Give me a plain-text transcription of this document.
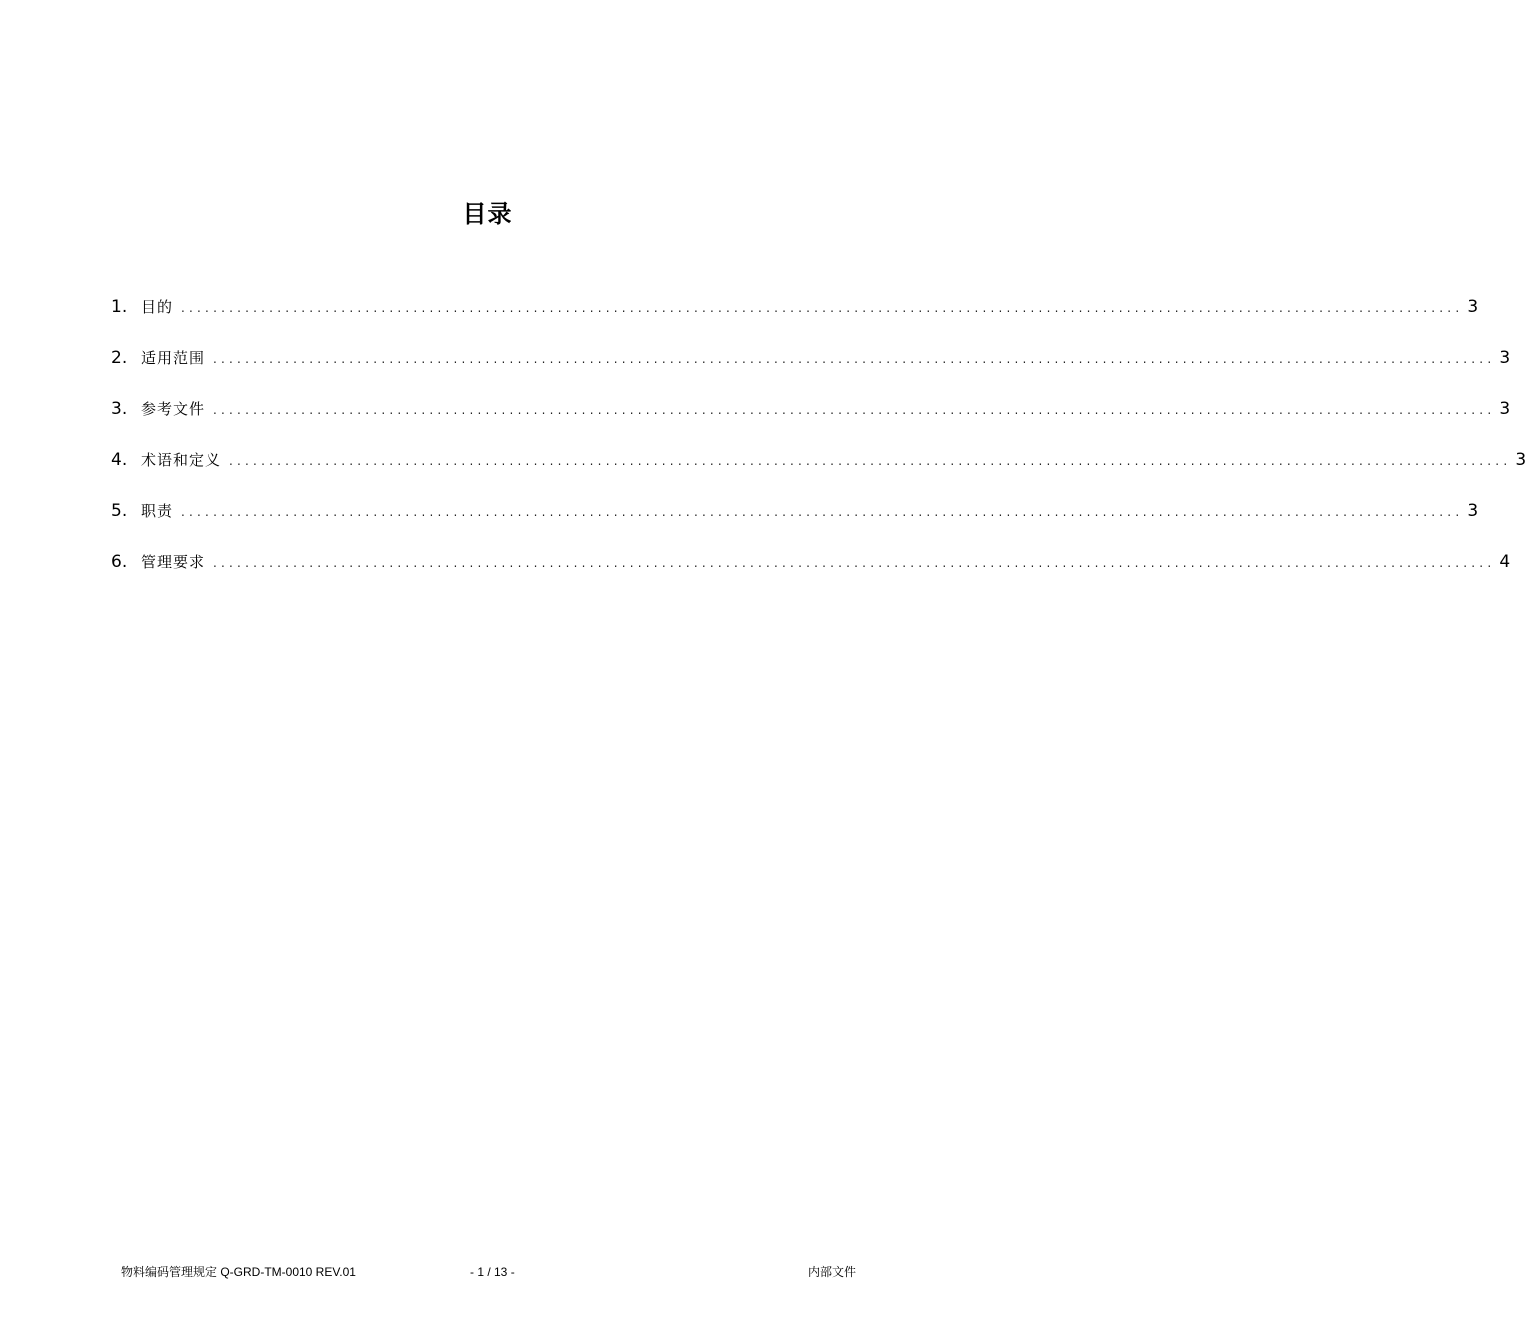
目录
1. 目的 ................................................................................................................................................................ 3
2. 适用范围 ................................................................................................................................................................ 3
3. 参考文件 ................................................................................................................................................................ 3
4. 术语和定义 ................................................................................................................................................................ 3
5. 职责 ................................................................................................................................................................ 3
6. 管理要求 ................................................................................................................................................................ 4
物料编码管理规定 Q-GRD-TM-0010 REV.01	- 1 / 13 -	内部文件
